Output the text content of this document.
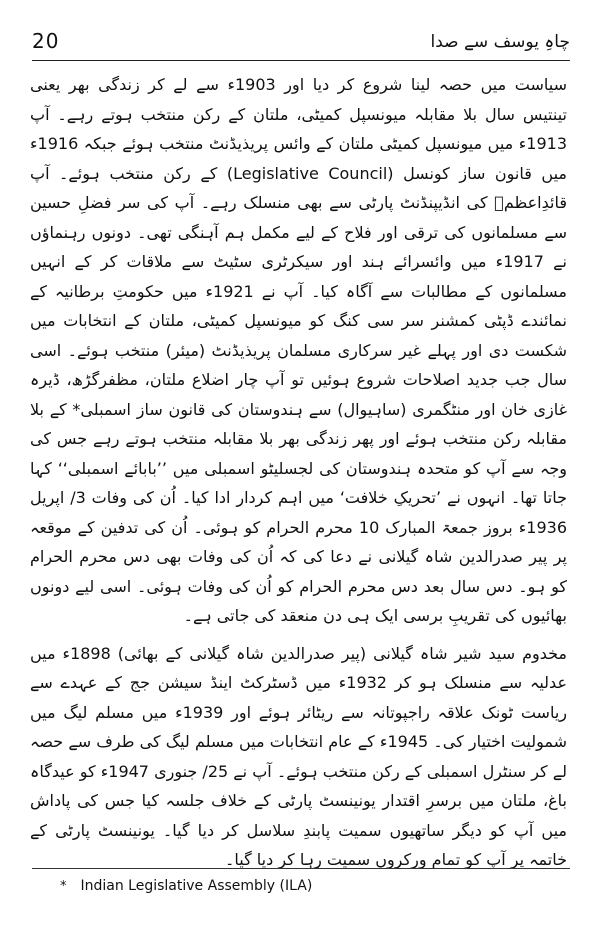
20	چاہِ یوسف سے صدا

سیاست میں حصہ لینا شروع کر دیا اور 1903ء سے لے کر زندگی بھر یعنی تینتیس سال بلا مقابلہ میونسپل کمیٹی، ملتان کے رکن منتخب ہوتے رہے۔ آپ 1913ء میں میونسپل کمیٹی ملتان کے وائس پریذیڈنٹ منتخب ہوئے جبکہ 1916ء میں قانون ساز کونسل (Legislative Council) کے رکن منتخب ہوئے۔ آپ قائدِاعظمؒ کی انڈیپنڈنٹ پارٹی سے بھی منسلک رہے۔ آپ کی سر فضلِ حسین سے مسلمانوں کی ترقی اور فلاح کے لیے مکمل ہم آہنگی تھی۔ دونوں رہنماؤں نے 1917ء میں وائسرائے ہند اور سیکرٹری سٹیٹ سے ملاقات کر کے انہیں مسلمانوں کے مطالبات سے آگاہ کیا۔ آپ نے 1921ء میں حکومتِ برطانیہ کے نمائندے ڈپٹی کمشنر سر سی کنگ کو میونسپل کمیٹی، ملتان کے انتخابات میں شکست دی اور پہلے غیر سرکاری مسلمان پریذیڈنٹ (میئر) منتخب ہوئے۔ اسی سال جب جدید اصلاحات شروع ہوئیں تو آپ چار اضلاع ملتان، مظفرگڑھ، ڈیرہ غازی خان اور منٹگمری (ساہیوال) سے ہندوستان کی قانون ساز اسمبلی* کے بلا مقابلہ رکن منتخب ہوئے اور پھر زندگی بھر بلا مقابلہ منتخب ہوتے رہے جس کی وجہ سے آپ کو متحدہ ہندوستان کی لجسلیٹو اسمبلی میں ’’بابائے اسمبلی‘‘ کہا جاتا تھا۔ انہوں نے ’تحریکِ خلافت‘ میں اہم کردار ادا کیا۔ اُن کی وفات 3/ اپریل 1936ء بروز جمعۃ المبارک 10 محرم الحرام کو ہوئی۔ اُن کی تدفین کے موقعہ پر پیر صدرالدین شاہ گیلانی نے دعا کی کہ اُن کی وفات بھی دس محرم الحرام کو ہو۔ دس سال بعد دس محرم الحرام کو اُن کی وفات ہوئی۔ اسی لیے دونوں بھائیوں کی تقریبِ برسی ایک ہی دن منعقد کی جاتی ہے۔

مخدوم سید شیر شاہ گیلانی (پیر صدرالدین شاہ گیلانی کے بھائی) 1898ء میں عدلیہ سے منسلک ہو کر 1932ء میں ڈسٹرکٹ اینڈ سیشن جج کے عہدے سے ریاست ٹونک علاقہ راجپوتانہ سے ریٹائر ہوئے اور 1939ء میں مسلم لیگ میں شمولیت اختیار کی۔ 1945ء کے عام انتخابات میں مسلم لیگ کی طرف سے حصہ لے کر سنٹرل اسمبلی کے رکن منتخب ہوئے۔ آپ نے 25/ جنوری 1947ء کو عیدگاہ باغ، ملتان میں برسرِ اقتدار یونینسٹ پارٹی کے خلاف جلسہ کیا جس کی پاداش میں آپ کو دیگر ساتھیوں سمیت پابندِ سلاسل کر دیا گیا۔ یونینسٹ پارٹی کے خاتمہ پر آپ کو تمام ورکروں سمیت رہا کر دیا گیا۔

* Indian Legislative Assembly (ILA)
